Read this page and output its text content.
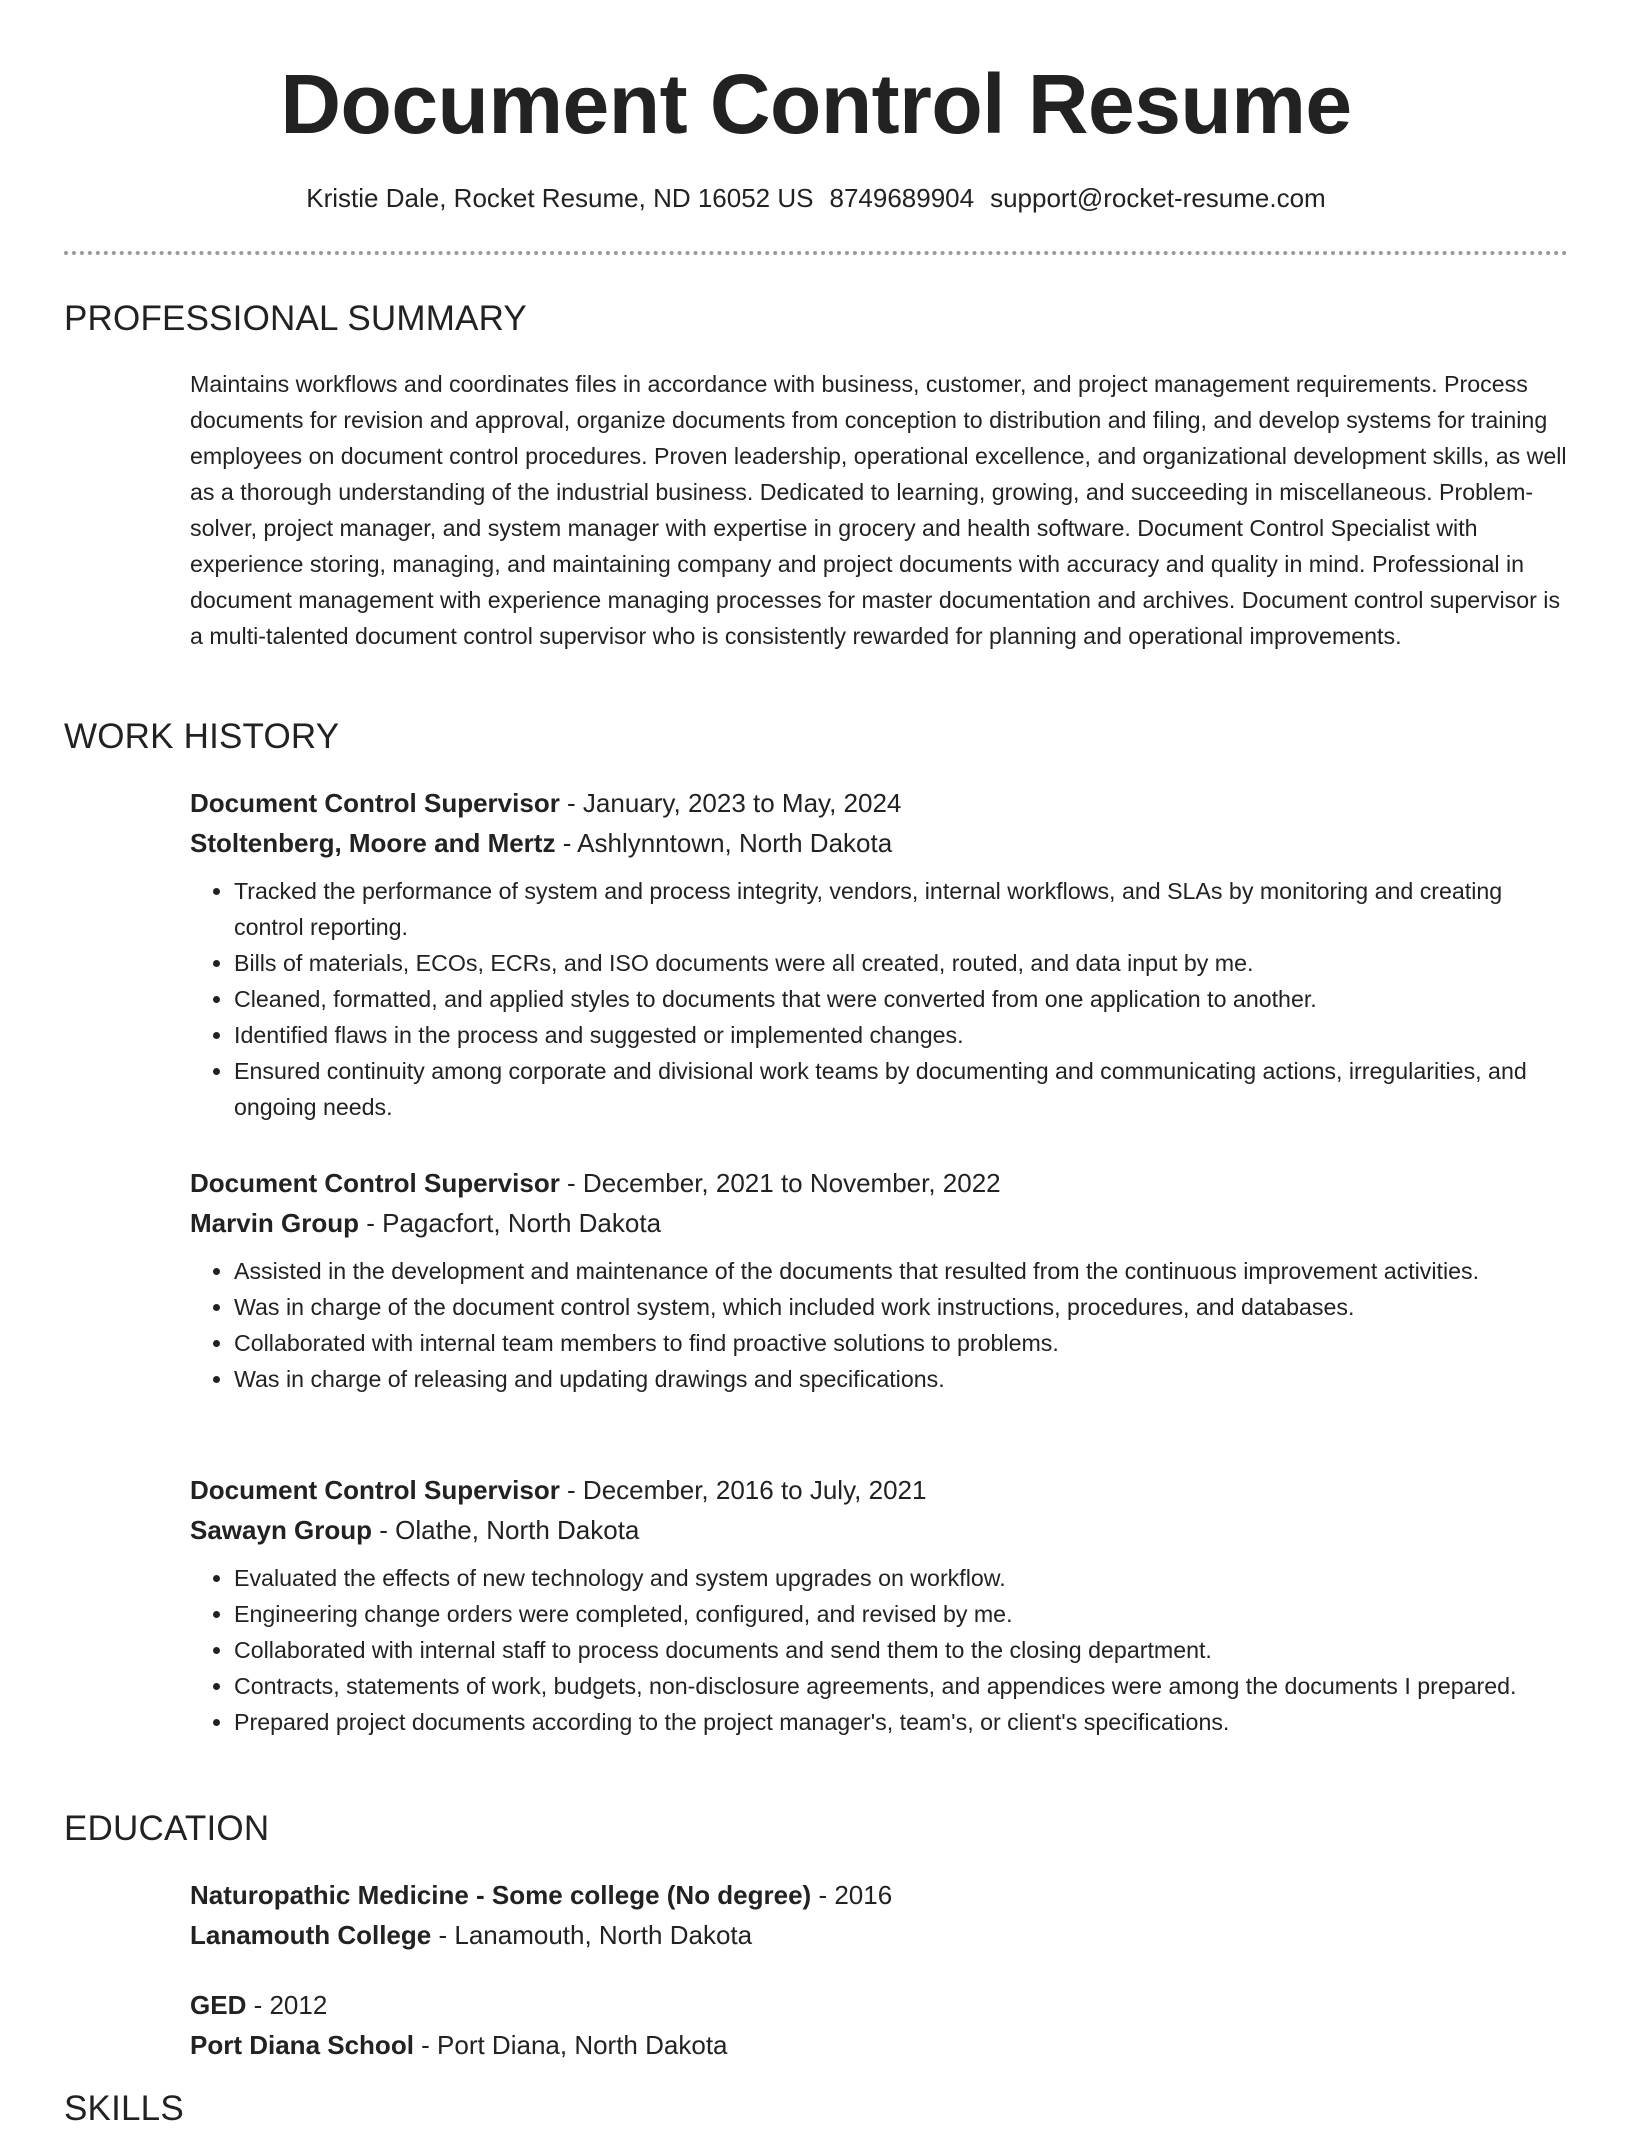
Document Control Resume
Kristie Dale, Rocket Resume, ND 16052 US 8749689904 support@rocket-resume.com
PROFESSIONAL SUMMARY

Maintains workflows and coordinates files in accordance with business, customer, and project management requirements. Process documents for revision and approval, organize documents from conception to distribution and filing, and develop systems for training employees on document control procedures. Proven leadership, operational excellence, and organizational development skills, as well as a thorough understanding of the industrial business. Dedicated to learning, growing, and succeeding in miscellaneous. Problem-solver, project manager, and system manager with expertise in grocery and health software. Document Control Specialist with experience storing, managing, and maintaining company and project documents with accuracy and quality in mind. Professional in document management with experience managing processes for master documentation and archives. Document control supervisor is a multi-talented document control supervisor who is consistently rewarded for planning and operational improvements.

WORK HISTORY
Document Control Supervisor - January, 2023 to May, 2024
Stoltenberg, Moore and Mertz - Ashlynntown, North Dakota
• Tracked the performance of system and process integrity, vendors, internal workflows, and SLAs by monitoring and creating control reporting.
• Bills of materials, ECOs, ECRs, and ISO documents were all created, routed, and data input by me.
• Cleaned, formatted, and applied styles to documents that were converted from one application to another.
• Identified flaws in the process and suggested or implemented changes.
• Ensured continuity among corporate and divisional work teams by documenting and communicating actions, irregularities, and ongoing needs.
Document Control Supervisor - December, 2021 to November, 2022
Marvin Group - Pagacfort, North Dakota
• Assisted in the development and maintenance of the documents that resulted from the continuous improvement activities.
• Was in charge of the document control system, which included work instructions, procedures, and databases.
• Collaborated with internal team members to find proactive solutions to problems.
• Was in charge of releasing and updating drawings and specifications.
Document Control Supervisor - December, 2016 to July, 2021
Sawayn Group - Olathe, North Dakota
• Evaluated the effects of new technology and system upgrades on workflow.
• Engineering change orders were completed, configured, and revised by me.
• Collaborated with internal staff to process documents and send them to the closing department.
• Contracts, statements of work, budgets, non-disclosure agreements, and appendices were among the documents I prepared.
• Prepared project documents according to the project manager's, team's, or client's specifications.
EDUCATION
Naturopathic Medicine - Some college (No degree) - 2016
Lanamouth College - Lanamouth, North Dakota
GED - 2012
Port Diana School - Port Diana, North Dakota
SKILLS
